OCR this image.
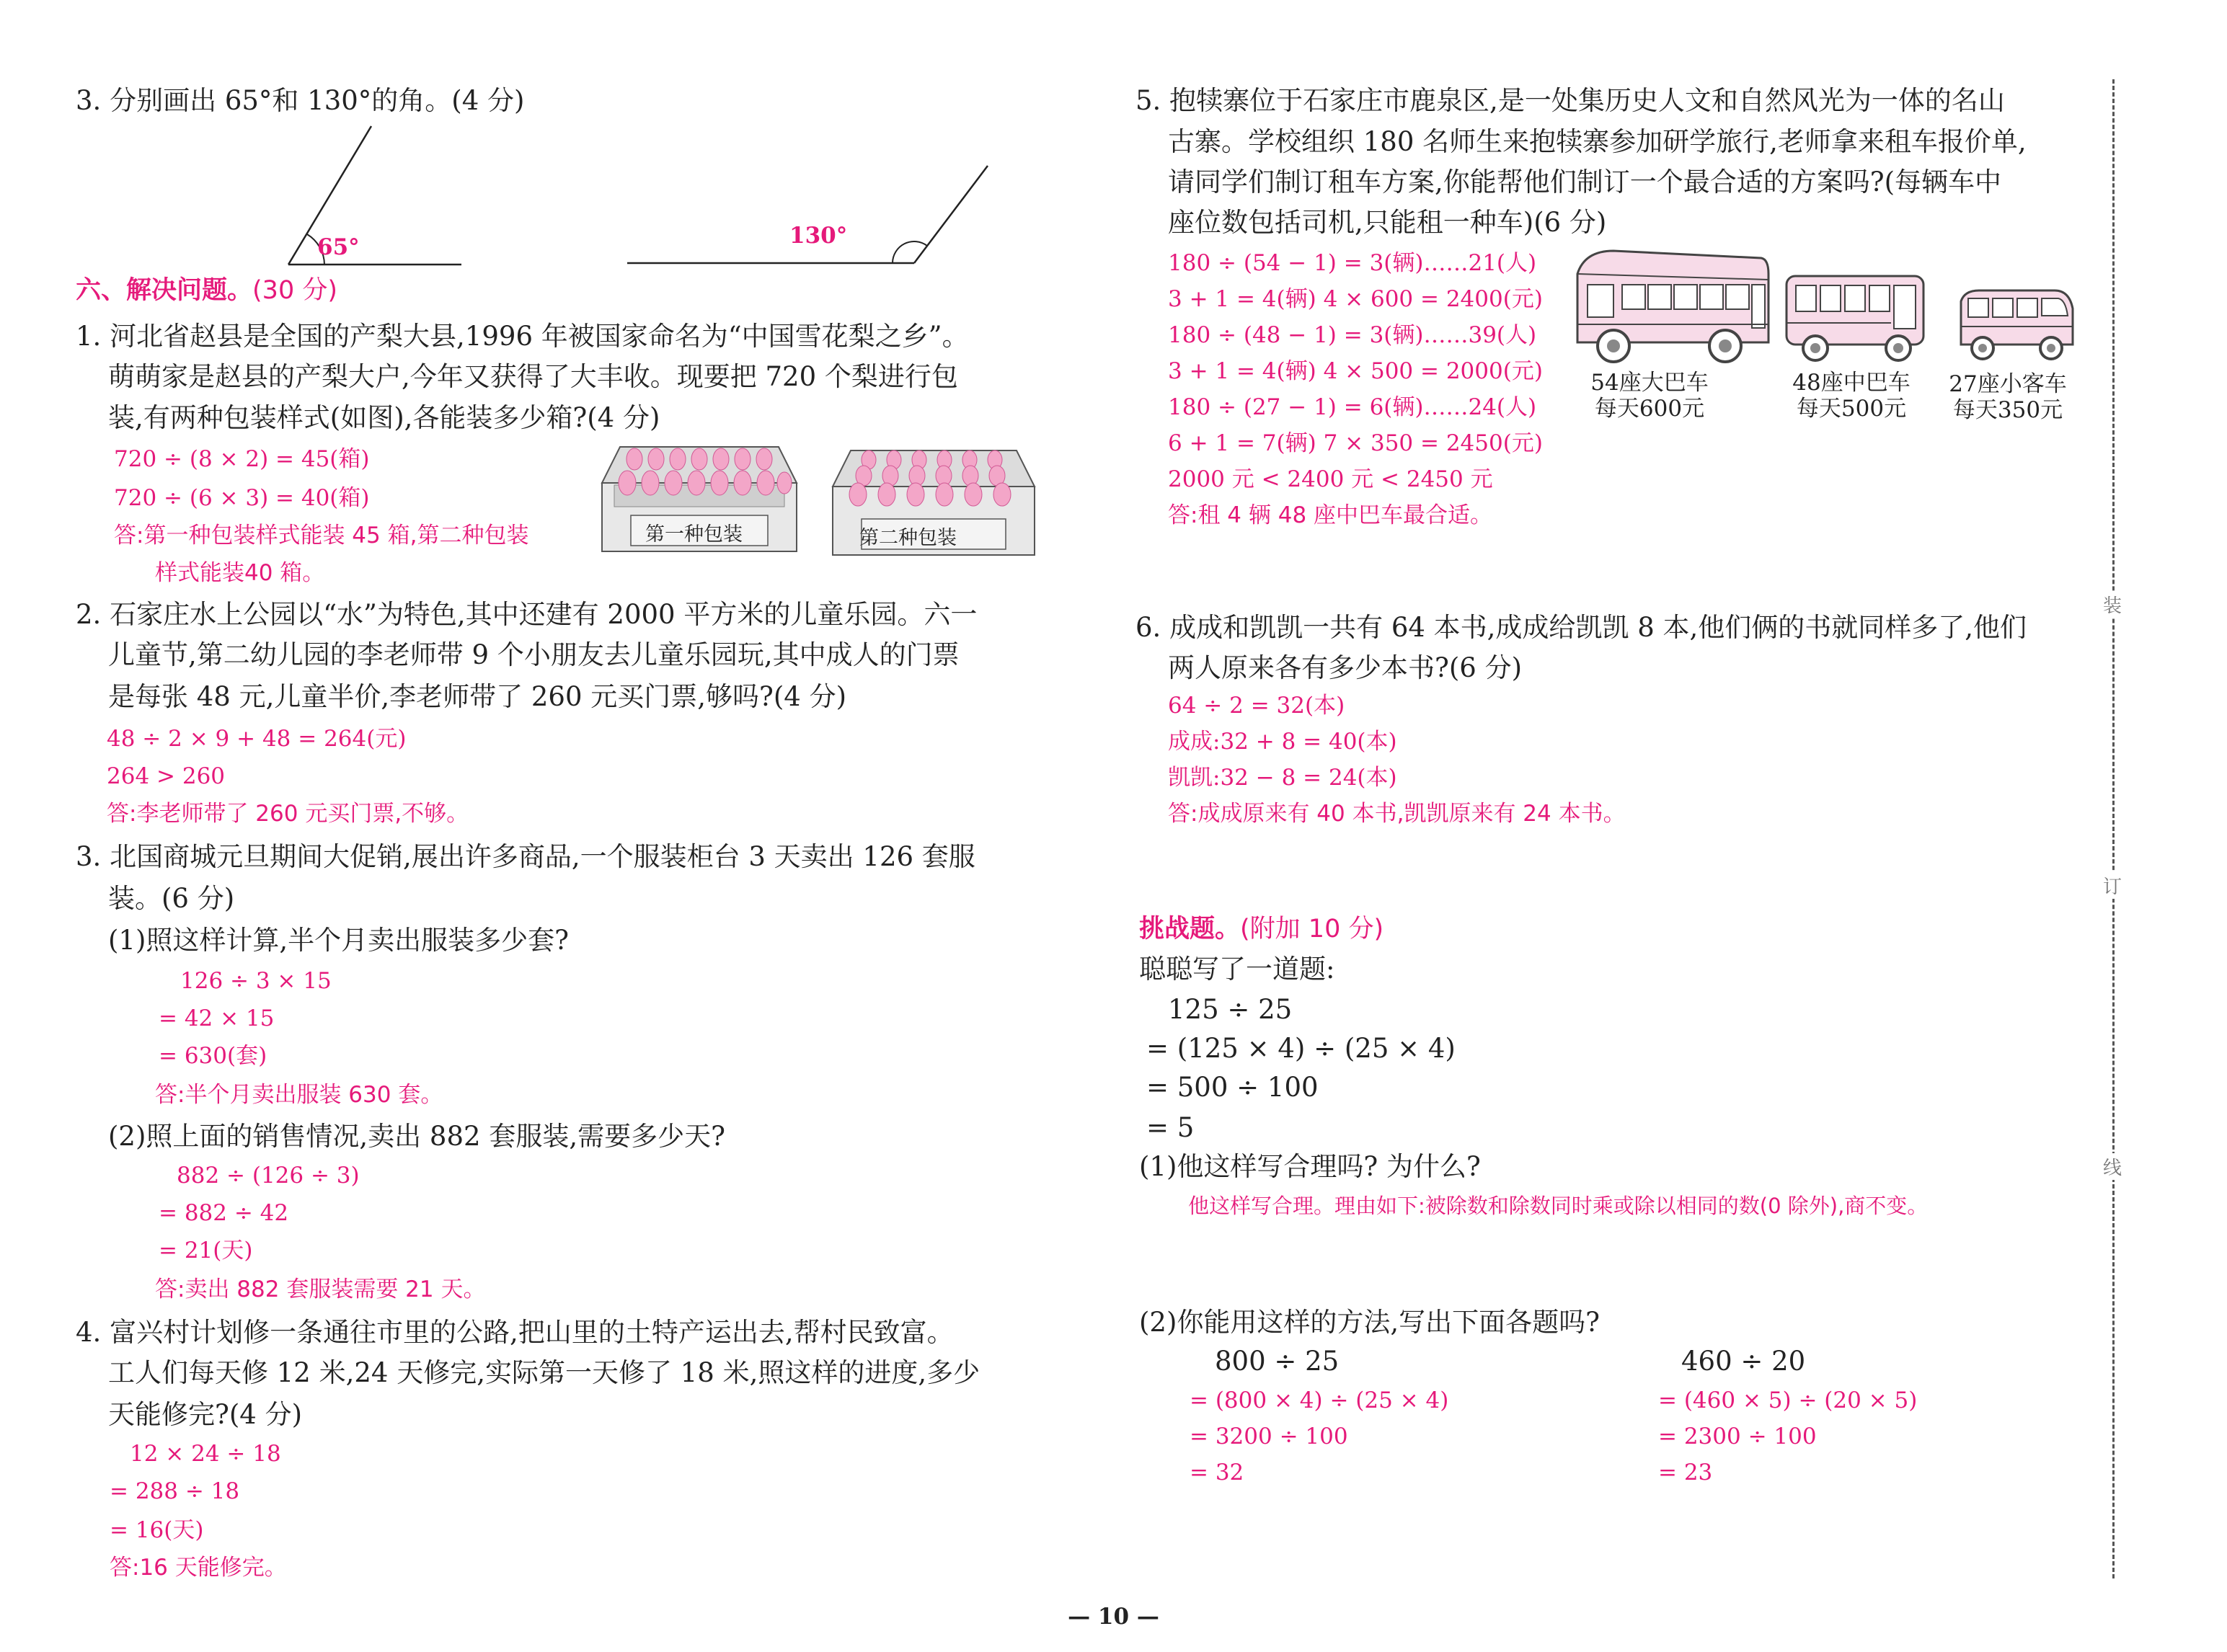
3. 分别画出 65°和 130°的角。(4 分)
65°	130°
六、解决问题。(30 分)
1. 河北省赵县是全国的产梨大县,1996 年被国家命名为“中国雪花梨之乡”。
萌萌家是赵县的产梨大户,今年又获得了大丰收。现要把 720 个梨进行包
装,有两种包装样式(如图),各能装多少箱?(4 分)
720 ÷ (8 × 2) = 45(箱)
720 ÷ (6 × 3) = 40(箱)
答:第一种包装样式能装 45 箱,第二种包装
样式能装40 箱。
第一种包装	第二种包装
2. 石家庄水上公园以“水”为特色,其中还建有 2000 平方米的儿童乐园。六一
儿童节,第二幼儿园的李老师带 9 个小朋友去儿童乐园玩,其中成人的门票
是每张 48 元,儿童半价,李老师带了 260 元买门票,够吗?(4 分)
48 ÷ 2 × 9 + 48 = 264(元)
264 > 260
答:李老师带了 260 元买门票,不够。
3. 北国商城元旦期间大促销,展出许多商品,一个服装柜台 3 天卖出 126 套服
装。(6 分)
(1)照这样计算,半个月卖出服装多少套?
126 ÷ 3 × 15
= 42 × 15
= 630(套)
答:半个月卖出服装 630 套。
(2)照上面的销售情况,卖出 882 套服装,需要多少天?
882 ÷ (126 ÷ 3)
= 882 ÷ 42
= 21(天)
答:卖出 882 套服装需要 21 天。
4. 富兴村计划修一条通往市里的公路,把山里的土特产运出去,帮村民致富。
工人们每天修 12 米,24 天修完,实际第一天修了 18 米,照这样的进度,多少
天能修完?(4 分)
12 × 24 ÷ 18
= 288 ÷ 18
= 16(天)
答:16 天能修完。
5. 抱犊寨位于石家庄市鹿泉区,是一处集历史人文和自然风光为一体的名山
古寨。学校组织 180 名师生来抱犊寨参加研学旅行,老师拿来租车报价单,
请同学们制订租车方案,你能帮他们制订一个最合适的方案吗?(每辆车中
座位数包括司机,只能租一种车)(6 分)
180 ÷ (54 − 1) = 3(辆)……21(人)
3 + 1 = 4(辆) 4 × 600 = 2400(元)
180 ÷ (48 − 1) = 3(辆)……39(人)
3 + 1 = 4(辆) 4 × 500 = 2000(元)
180 ÷ (27 − 1) = 6(辆)……24(人)
6 + 1 = 7(辆) 7 × 350 = 2450(元)
2000 元 < 2400 元 < 2450 元
答:租 4 辆 48 座中巴车最合适。
54座大巴车
每天600元
48座中巴车
每天500元
27座小客车
每天350元
6. 成成和凯凯一共有 64 本书,成成给凯凯 8 本,他们俩的书就同样多了,他们
两人原来各有多少本书?(6 分)
64 ÷ 2 = 32(本)
成成:32 + 8 = 40(本)
凯凯:32 − 8 = 24(本)
答:成成原来有 40 本书,凯凯原来有 24 本书。
挑战题。(附加 10 分)
聪聪写了一道题:
125 ÷ 25
= (125 × 4) ÷ (25 × 4)
= 500 ÷ 100
= 5
(1)他这样写合理吗? 为什么?
他这样写合理。理由如下:被除数和除数同时乘或除以相同的数(0 除外),商不变。
(2)你能用这样的方法,写出下面各题吗?
800 ÷ 25
= (800 × 4) ÷ (25 × 4)
= 3200 ÷ 100
= 32
460 ÷ 20
= (460 × 5) ÷ (20 × 5)
= 2300 ÷ 100
= 23
装
订
线
— 10 —
